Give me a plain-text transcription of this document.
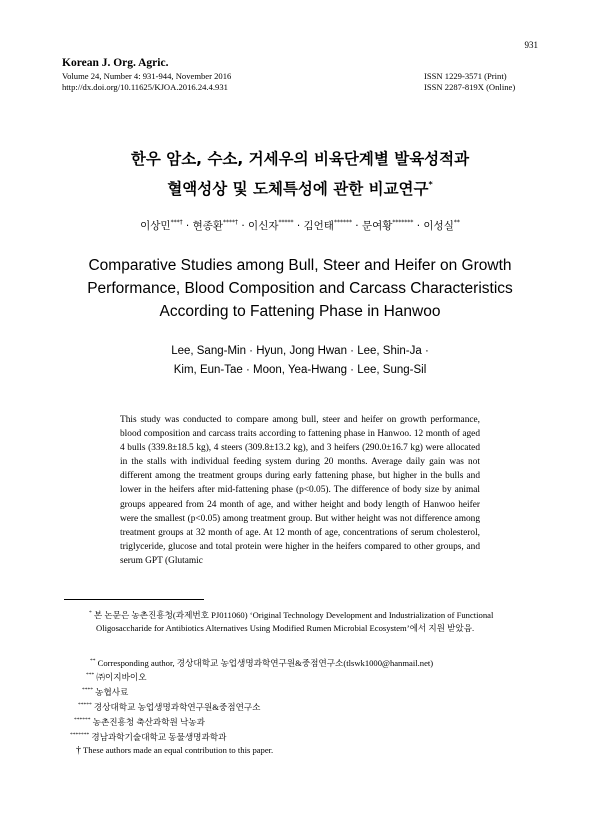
Korean J. Org. Agric.
Volume 24, Number 4: 931-944, November 2016
http://dx.doi.org/10.11625/KJOA.2016.24.4.931
931
ISSN 1229-3571 (Print)
ISSN 2287-819X (Online)
한우 암소, 수소, 거세우의 비육단계별 발육성적과
혈액성상 및 도체특성에 관한 비교연구*
이상민***† · 현종환****† · 이신자***** · 김언태****** · 문여황******* · 이성실**
Comparative Studies among Bull, Steer and Heifer on Growth
Performance, Blood Composition and Carcass Characteristics
According to Fattening Phase in Hanwoo
Lee, Sang-Min · Hyun, Jong Hwan · Lee, Shin-Ja ·
Kim, Eun-Tae · Moon, Yea-Hwang · Lee, Sung-Sil
This study was conducted to compare among bull, steer and heifer on growth performance, blood composition and carcass traits according to fattening phase in Hanwoo. 12 month of aged 4 bulls (339.8±18.5 kg), 4 steers (309.8±13.2 kg), and 3 heifers (290.0±16.7 kg) were allocated in the stalls with individual feeding system during 20 months. Average daily gain was not different among the treatment groups during early fattening phase, but higher in the bulls and lower in the heifers after mid-fattening phase (p<0.05). The difference of body size by animal groups appeared from 24 month of age, and wither height and body length of Hanwoo heifer were the smallest (p<0.05) among treatment group. But wither height was not difference among treatment groups at 32 month of age. At 12 month of age, concentrations of serum cholesterol, triglyceride, glucose and total protein were higher in the heifers compared to other groups, and serum GPT (Glutamic
* 본 논문은 농촌진흥청(과제번호 PJ011060) ‘Original Technology Development and Industrialization of Functional Oligosaccharide for Antibiotics Alternatives Using Modified Rumen Microbial Ecosystem’에서 지원 받았음.
** Corresponding author, 경상대학교 농업생명과학연구원&중점연구소(tlswk1000@hanmail.net)
*** ㈜이지바이오
**** 농협사료
***** 경상대학교 농업생명과학연구원&중점연구소
****** 농촌진흥청 축산과학원 낙농과
******* 경남과학기술대학교 동물생명과학과
† These authors made an equal contribution to this paper.
